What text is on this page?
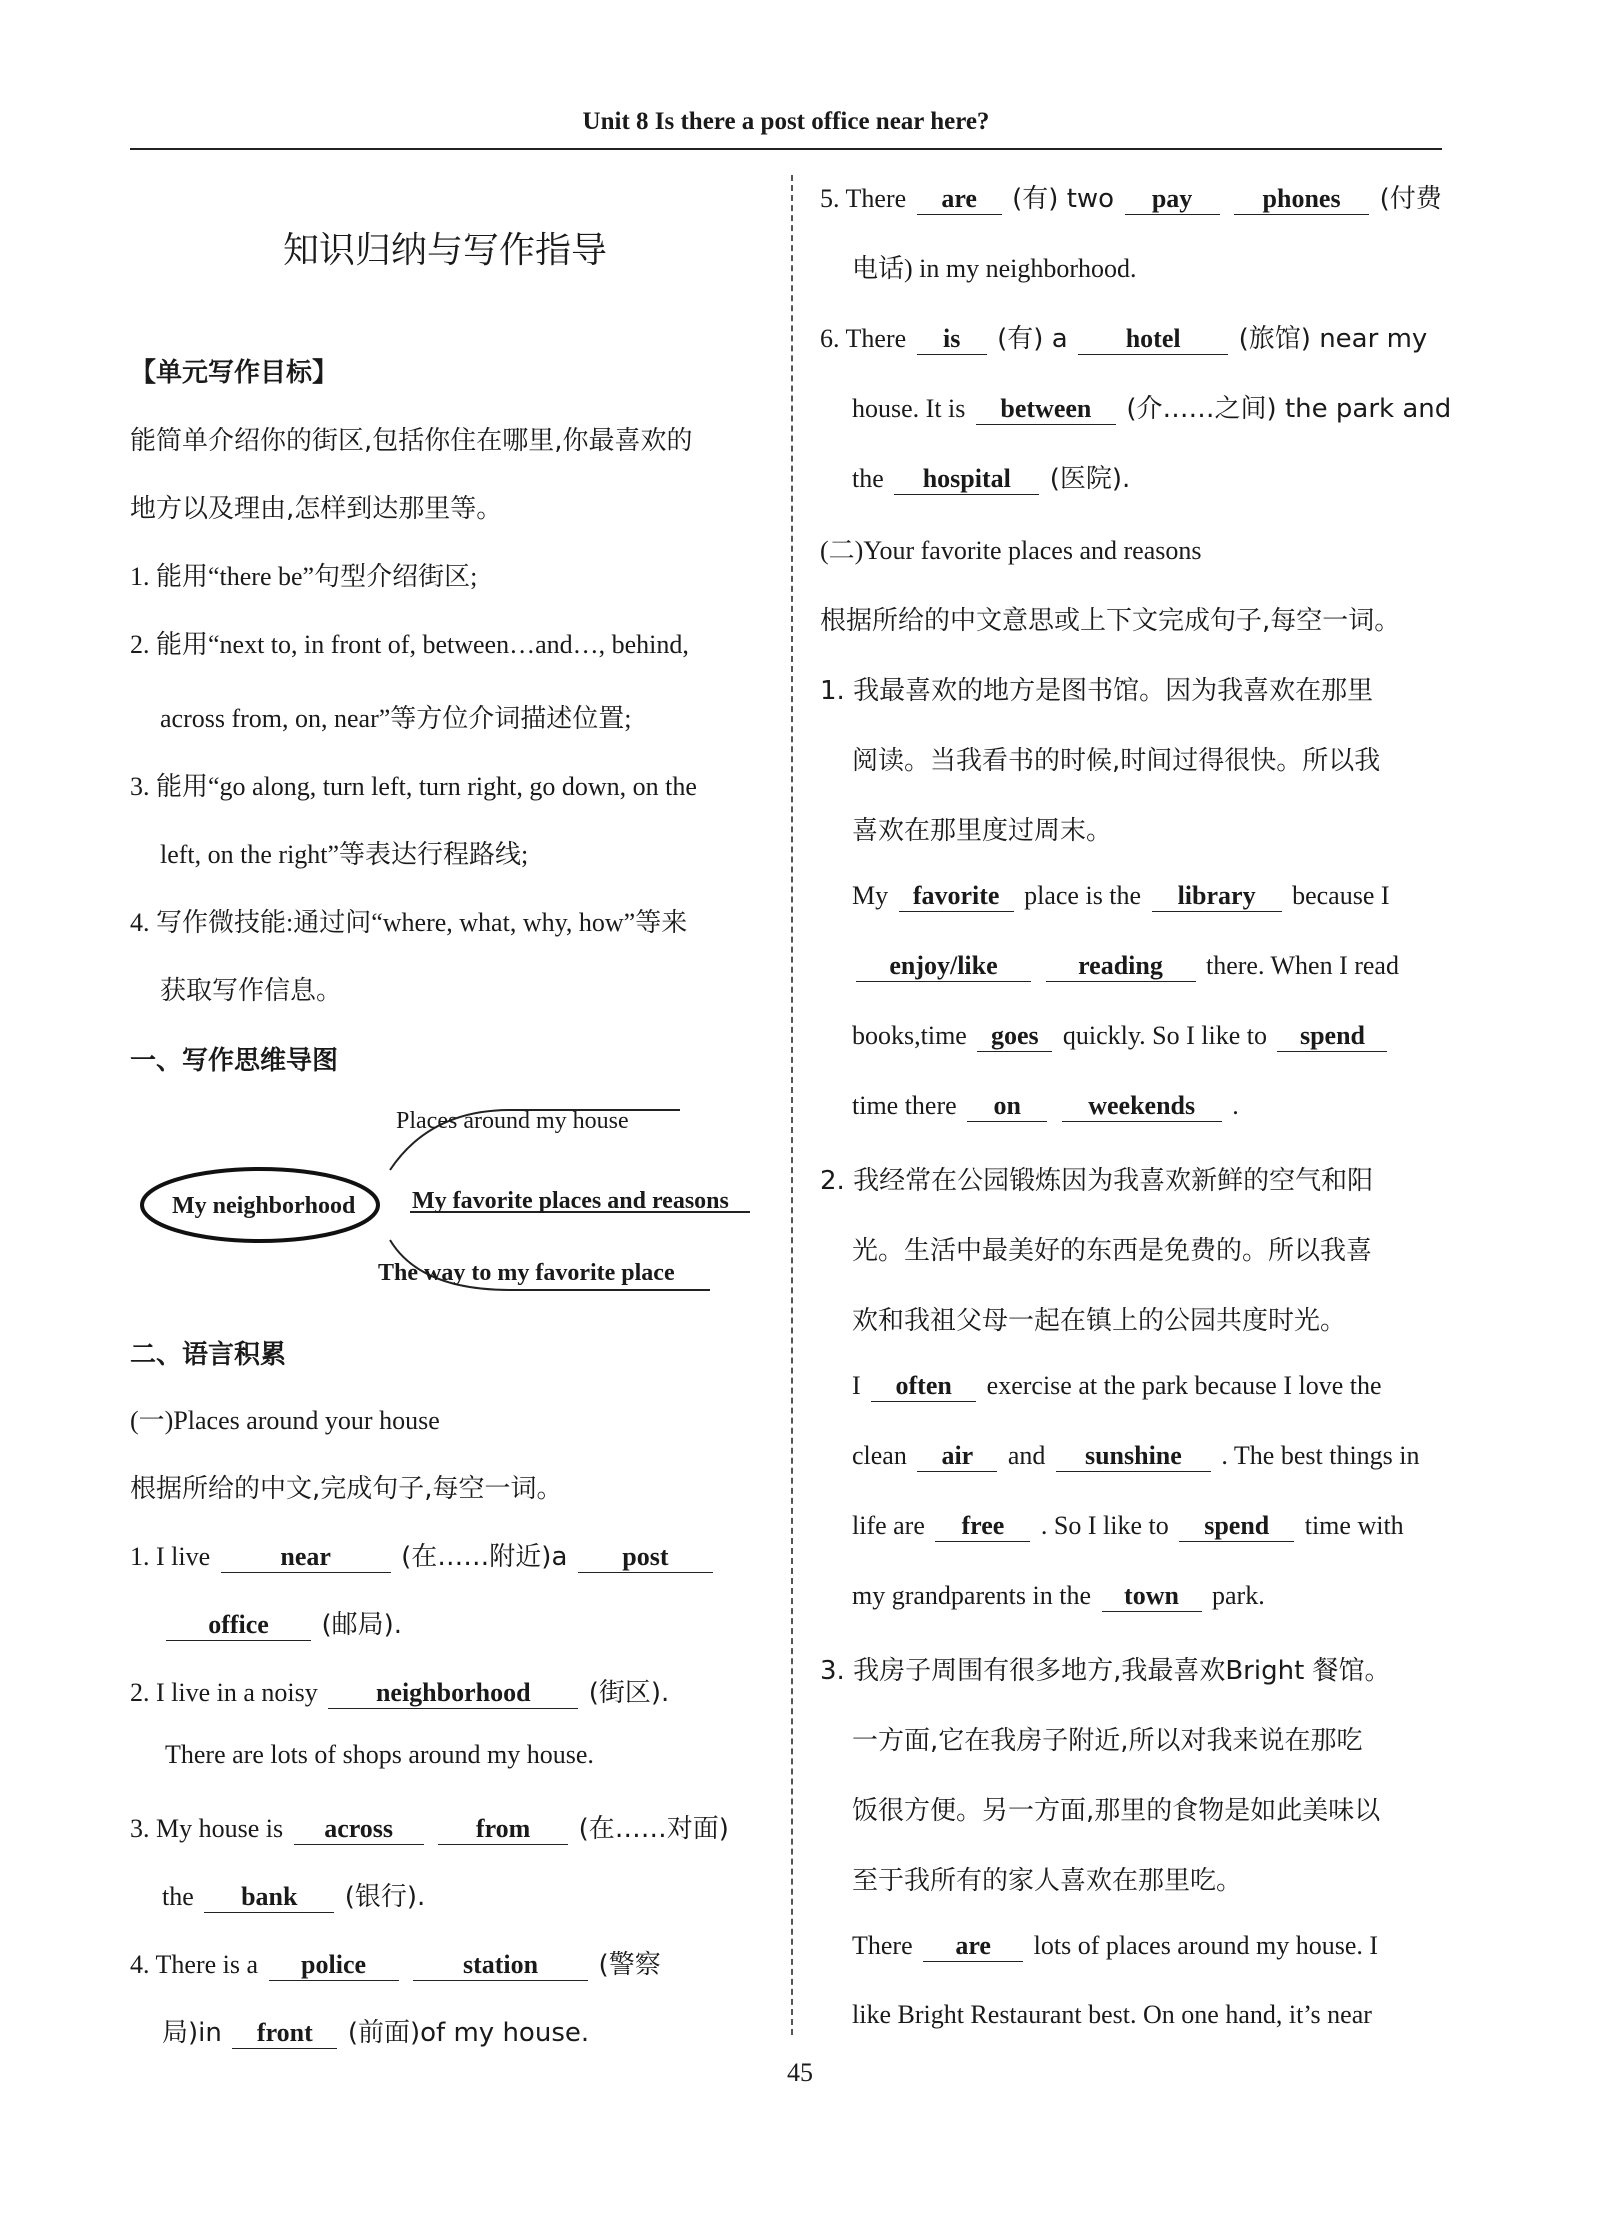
Unit 8 Is there a post office near here?
知识归纳与写作指导
【单元写作目标】
能简单介绍你的街区,包括你住在哪里,你最喜欢的
地方以及理由,怎样到达那里等。
1. 能用“there be”句型介绍街区;
2. 能用“next to, in front of, between…and…, behind,
across from, on, near”等方位介词描述位置;
3. 能用“go along, turn left, turn right, go down, on the
left, on the right”等表达行程路线;
4. 写作微技能:通过问“where, what, why, how”等来
获取写作信息。
一、写作思维导图
My neighborhood
Places around my house
My favorite places and reasons
The way to my favorite place
二、语言积累
(一)Places around your house
根据所给的中文,完成句子,每空一词。
1. I live	near	(在……附近)a post
office (邮局).
2. I live in a noisy neighborhood (街区).
There are lots of shops around my house.
3. My house is across	from (在……对面)
the bank (银行).
4. There is a police	station (警察
局)in front (前面)of my house.
5. There are (有) two pay	phones (付费
电话) in my neighborhood.
6. There is (有) a hotel (旅馆) near my
house. It is between (介……之间) the park and
the hospital (医院).
(二)Your favorite places and reasons
根据所给的中文意思或上下文完成句子,每空一词。
1. 我最喜欢的地方是图书馆。因为我喜欢在那里
阅读。当我看书的时候,时间过得很快。所以我
喜欢在那里度过周末。
My favorite place is the library because I
enjoy/like	reading there. When I read
books,time goes quickly. So I like to spend
time there on	weekends .
2. 我经常在公园锻炼因为我喜欢新鲜的空气和阳
光。生活中最美好的东西是免费的。所以我喜
欢和我祖父母一起在镇上的公园共度时光。
I often exercise at the park because I love the
clean air and sunshine . The best things in
life are free . So I like to spend time with
my grandparents in the town park.
3. 我房子周围有很多地方,我最喜欢Bright 餐馆。
一方面,它在我房子附近,所以对我来说在那吃
饭很方便。另一方面,那里的食物是如此美味以
至于我所有的家人喜欢在那里吃。
There are lots of places around my house. I
like Bright Restaurant best. On one hand, it’s near
45
